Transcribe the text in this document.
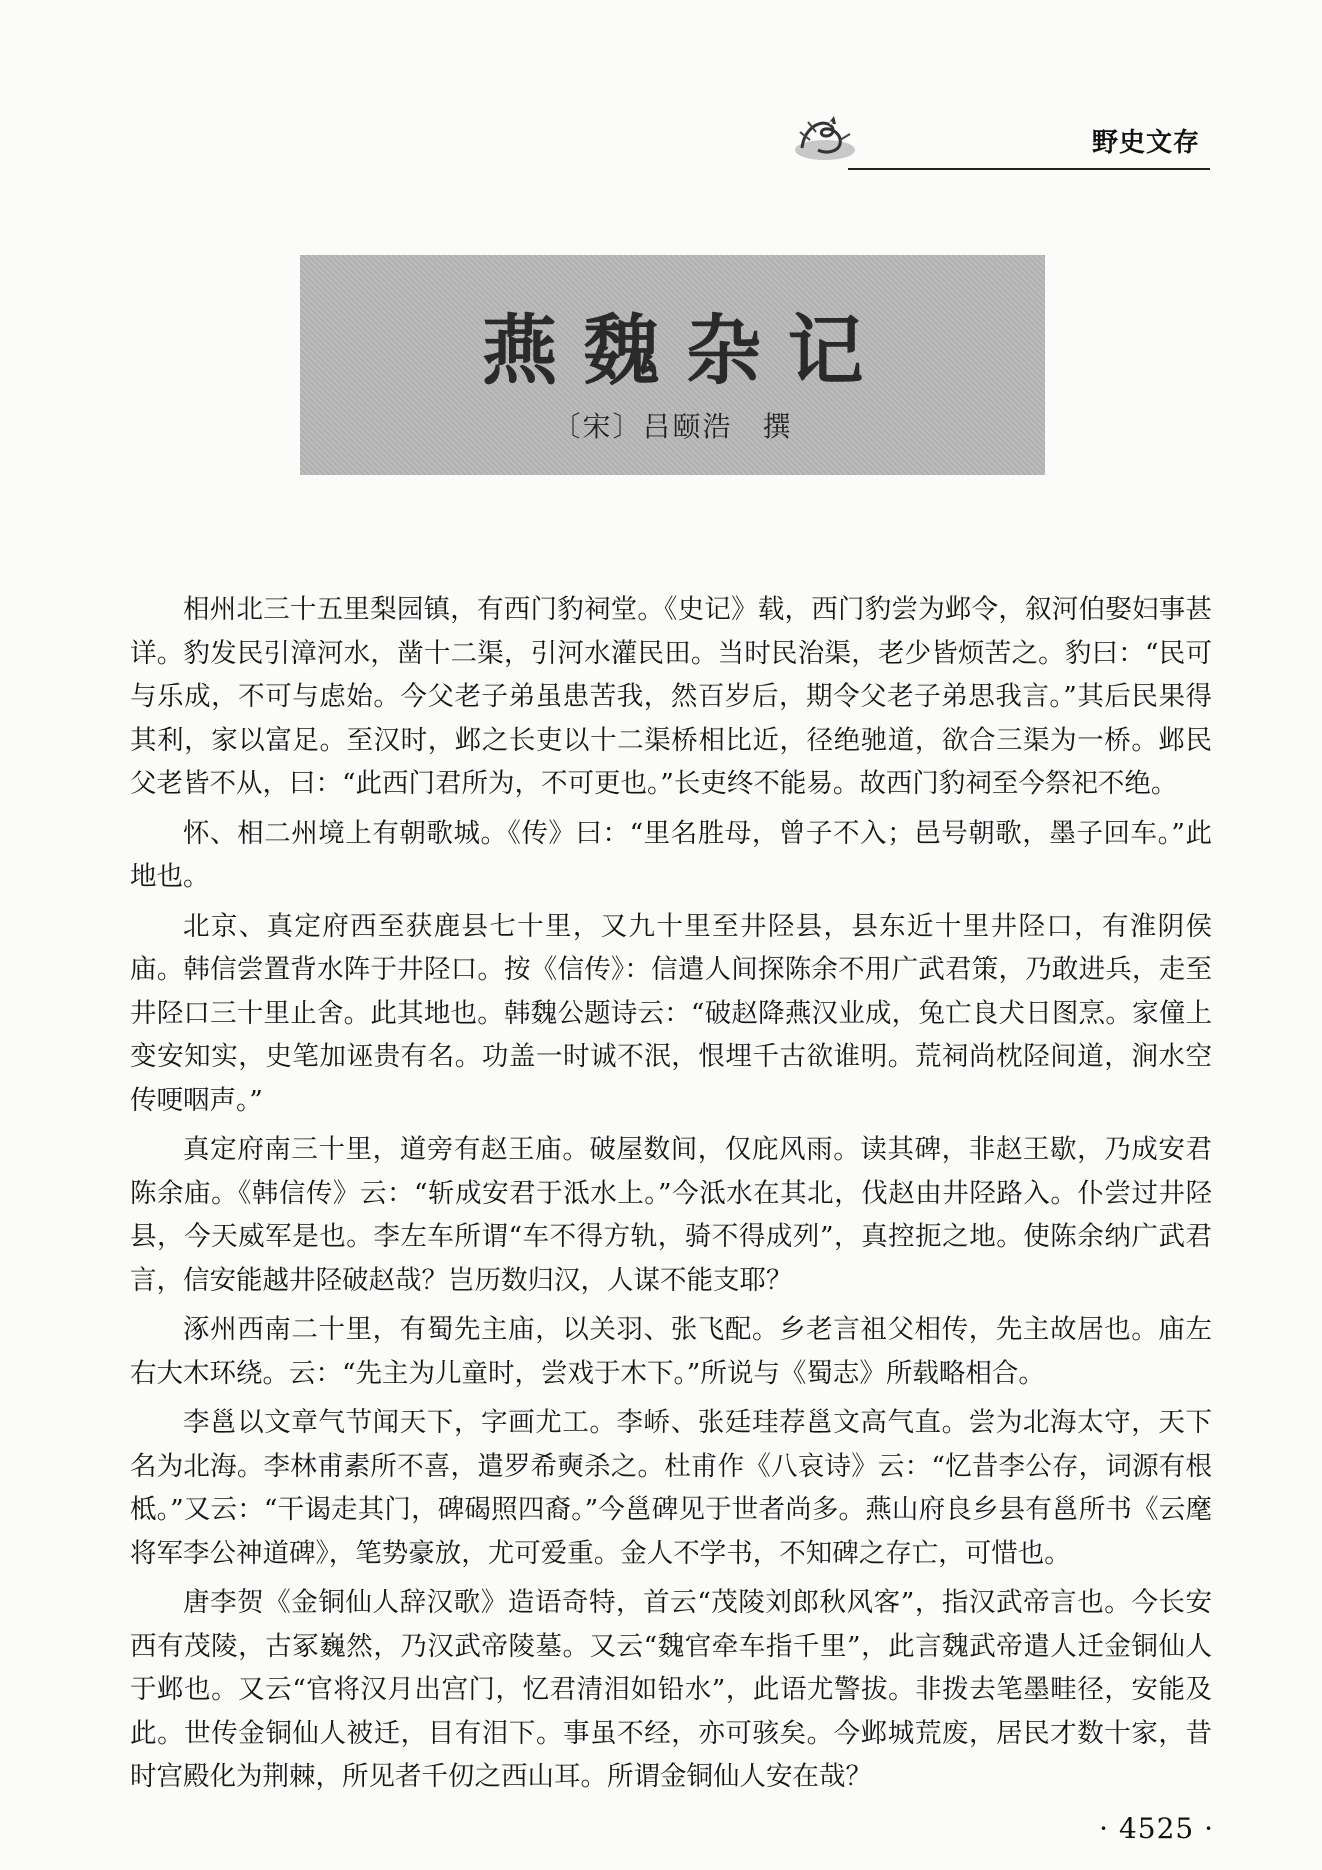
野史文存
燕魏杂记
〔宋〕吕颐浩　撰

相州北三十五里梨园镇，有西门豹祠堂。《史记》载，西门豹尝为邺令，叙河伯娶妇事甚详。豹发民引漳河水，凿十二渠，引河水灌民田。当时民治渠，老少皆烦苦之。豹曰：“民可与乐成，不可与虑始。今父老子弟虽患苦我，然百岁后，期令父老子弟思我言。”其后民果得其利，家以富足。至汉时，邺之长吏以十二渠桥相比近，径绝驰道，欲合三渠为一桥。邺民父老皆不从，曰：“此西门君所为，不可更也。”长吏终不能易。故西门豹祠至今祭祀不绝。

怀、相二州境上有朝歌城。《传》曰：“里名胜母，曾子不入；邑号朝歌，墨子回车。”此地也。

北京、真定府西至获鹿县七十里，又九十里至井陉县，县东近十里井陉口，有淮阴侯庙。韩信尝置背水阵于井陉口。按《信传》：信遣人间探陈余不用广武君策，乃敢进兵，走至井陉口三十里止舍。此其地也。韩魏公题诗云：“破赵降燕汉业成，兔亡良犬日图烹。家僮上变安知实，史笔加诬贵有名。功盖一时诚不泯，恨埋千古欲谁明。荒祠尚枕陉间道，涧水空传哽咽声。”

真定府南三十里，道旁有赵王庙。破屋数间，仅庇风雨。读其碑，非赵王歇，乃成安君陈余庙。《韩信传》云：“斩成安君于泜水上。”今泜水在其北，伐赵由井陉路入。仆尝过井陉县，今天威军是也。李左车所谓“车不得方轨，骑不得成列”，真控扼之地。使陈余纳广武君言，信安能越井陉破赵哉？岂历数归汉，人谋不能支耶？

涿州西南二十里，有蜀先主庙，以关羽、张飞配。乡老言祖父相传，先主故居也。庙左右大木环绕。云：“先主为儿童时，尝戏于木下。”所说与《蜀志》所载略相合。

李邕以文章气节闻天下，字画尤工。李峤、张廷珪荐邕文高气直。尝为北海太守，天下名为北海。李林甫素所不喜，遣罗希奭杀之。杜甫作《八哀诗》云：“忆昔李公存，词源有根柢。”又云：“干谒走其门，碑碣照四裔。”今邕碑见于世者尚多。燕山府良乡县有邕所书《云麾将军李公神道碑》，笔势豪放，尤可爱重。金人不学书，不知碑之存亡，可惜也。

唐李贺《金铜仙人辞汉歌》造语奇特，首云“茂陵刘郎秋风客”，指汉武帝言也。今长安西有茂陵，古冢巍然，乃汉武帝陵墓。又云“魏官牵车指千里”，此言魏武帝遣人迁金铜仙人于邺也。又云“官将汉月出宫门，忆君清泪如铅水”，此语尤警拔。非拨去笔墨畦径，安能及此。世传金铜仙人被迁，目有泪下。事虽不经，亦可骇矣。今邺城荒废，居民才数十家，昔时宫殿化为荆棘，所见者千仞之西山耳。所谓金铜仙人安在哉？

· 4525 ·
